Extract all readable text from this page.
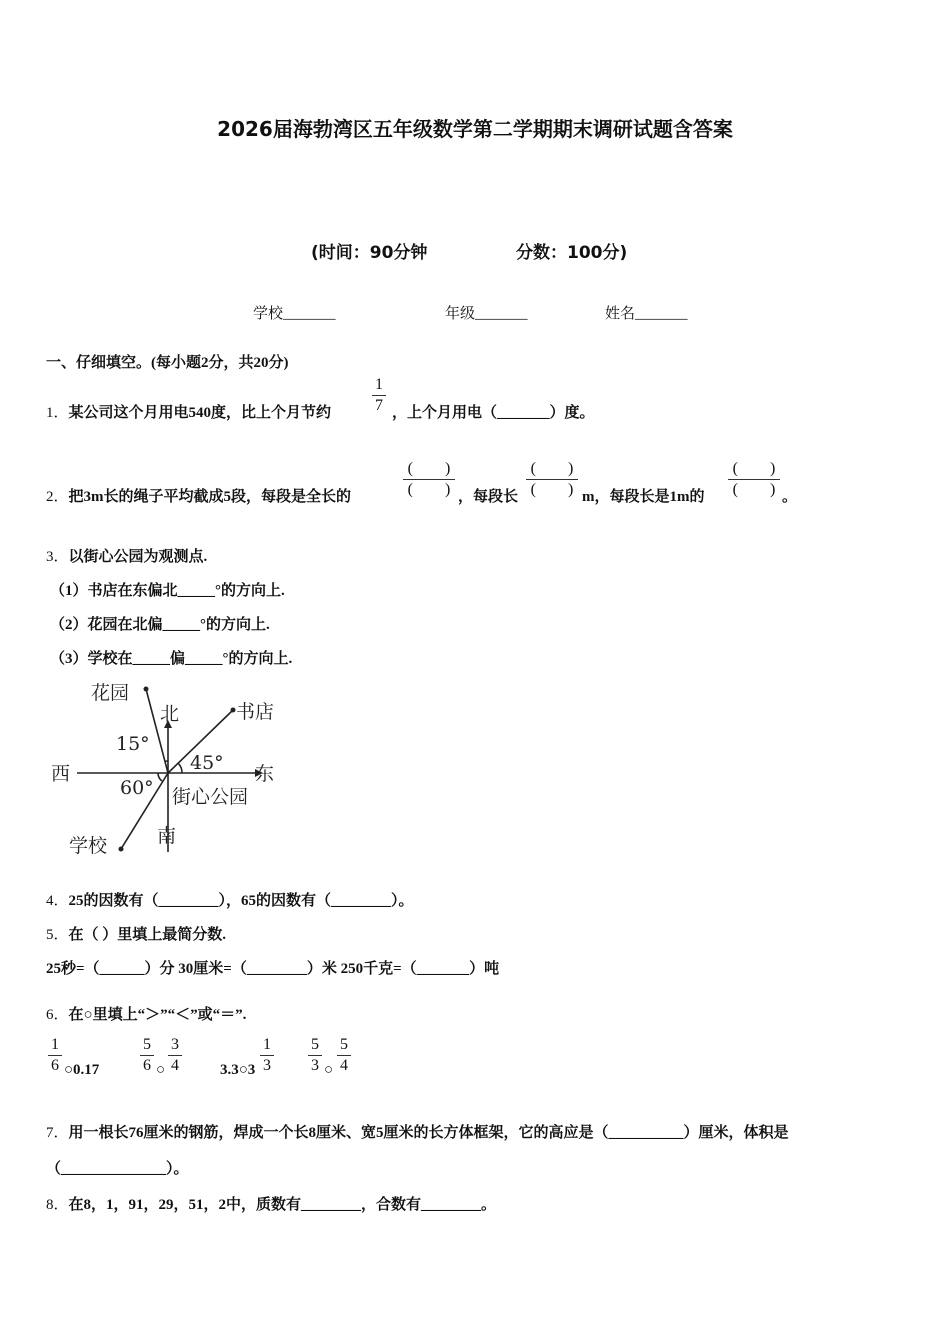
2026届海勃湾区五年级数学第二学期期末调研试题含答案
(时间：90分钟	分数：100分)
学校_______	年级_______	姓名_______
一、仔细填空。(每小题2分，共20分)
1．某公司这个月用电540度，比上个月节约
1
7 ，上个月用电（_______）度。
2．把3m长的绳子平均截成5段，每段是全长的
(　　)
(　　) ，每段长
(　　)
(　　) m，每段长是1m的
(　　)
(　　) 。
3．以街心公园为观测点.
（1）书店在东偏北_____°的方向上.
（2）花园在北偏_____°的方向上.
（3）学校在_____偏_____°的方向上.
花园
北	书店
15°
45°
西	东
60° 街心公园
南
学校
4．25的因数有（________），65的因数有（________）。
5．在（ ）里填上最简分数.
25秒=（______）分 30厘米=（________）米 250千克=（_______）吨
6．在○里填上“＞”“＜”或“＝”.
1
6 ○0.17
5
6 ○
3
4	3.3○3
1
3
5
3 ○
5
4
7．用一根长76厘米的钢筋，焊成一个长8厘米、宽5厘米的长方体框架，它的高应是（__________）厘米，体积是
（______________）。
8．在8，1，91，29，51，2中，质数有________，合数有________。
